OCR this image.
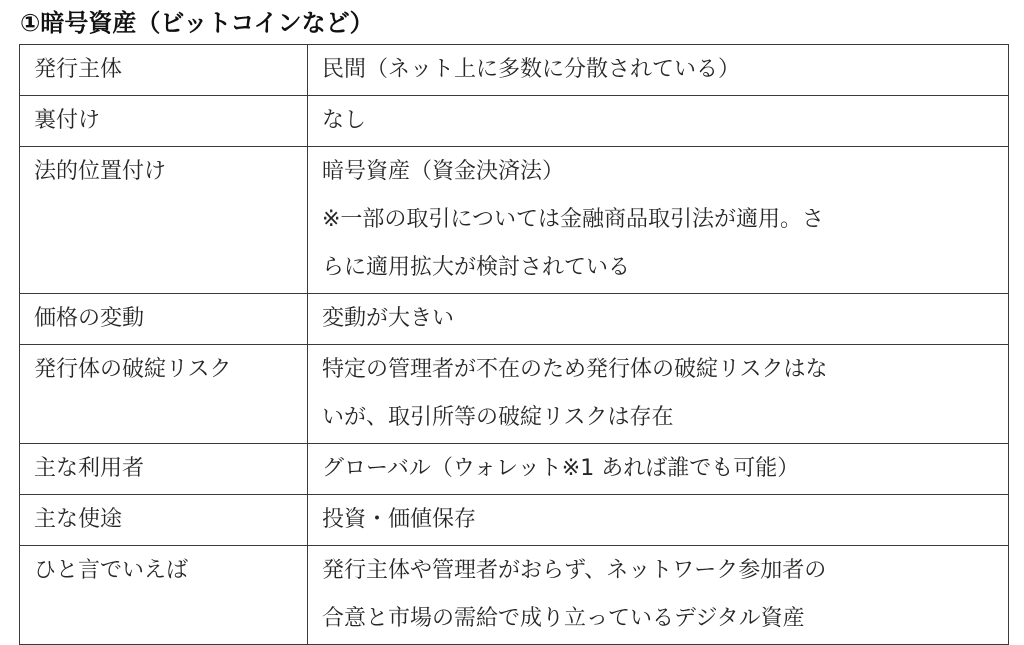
①暗号資産（ビットコインなど）
発行主体	民間（ネット上に多数に分散されている）

裏付け	なし

法的位置付け	暗号資産（資金決済法）
※一部の取引については金融商品取引法が適用。さ
らに適用拡大が検討されている

価格の変動	変動が大きい

発行体の破綻リスク	特定の管理者が不在のため発行体の破綻リスクはな
いが、取引所等の破綻リスクは存在

主な利用者	グローバル（ウォレット※1 あれば誰でも可能）

主な使途	投資・価値保存

ひと言でいえば	発行主体や管理者がおらず、ネットワーク参加者の
合意と市場の需給で成り立っているデジタル資産
